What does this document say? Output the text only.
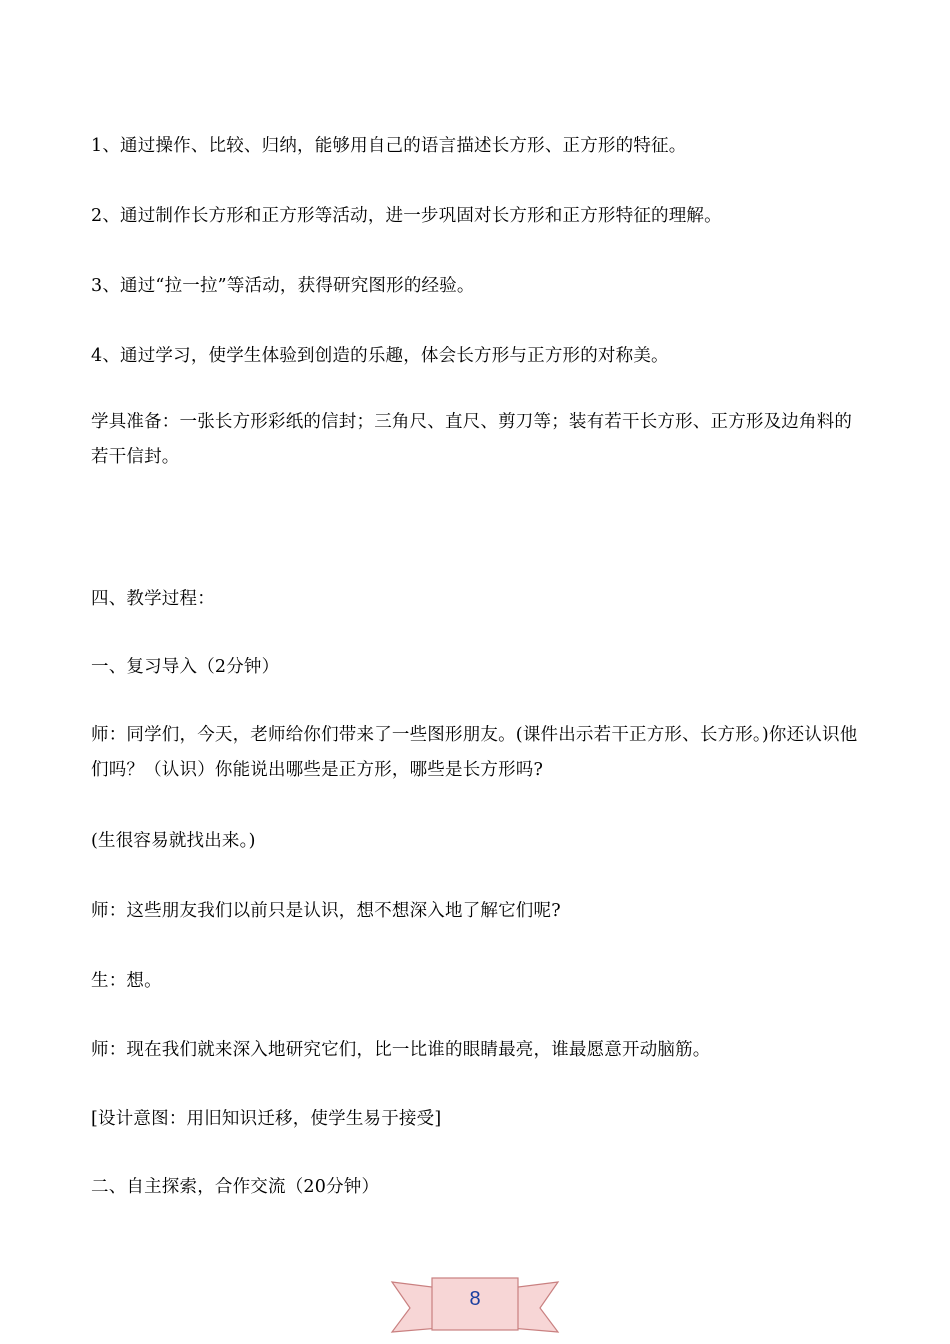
1、通过操作、比较、归纳，能够用自己的语言描述长方形、正方形的特征。
2、通过制作长方形和正方形等活动，进一步巩固对长方形和正方形特征的理解。
3、通过“拉一拉”等活动，获得研究图形的经验。
4、通过学习，使学生体验到创造的乐趣，体会长方形与正方形的对称美。
学具准备：一张长方形彩纸的信封；三角尺、直尺、剪刀等；装有若干长方形、正方形及边角料的若干信封。
四、教学过程：
一、复习导入（2分钟）
师：同学们，今天，老师给你们带来了一些图形朋友。(课件出示若干正方形、长方形。)你还认识他们吗？（认识）你能说出哪些是正方形，哪些是长方形吗?
(生很容易就找出来。)
师：这些朋友我们以前只是认识，想不想深入地了解它们呢?
生：想。
师：现在我们就来深入地研究它们，比一比谁的眼睛最亮，谁最愿意开动脑筋。
[设计意图：用旧知识迁移，使学生易于接受]
二、自主探索，合作交流（20分钟）
8
